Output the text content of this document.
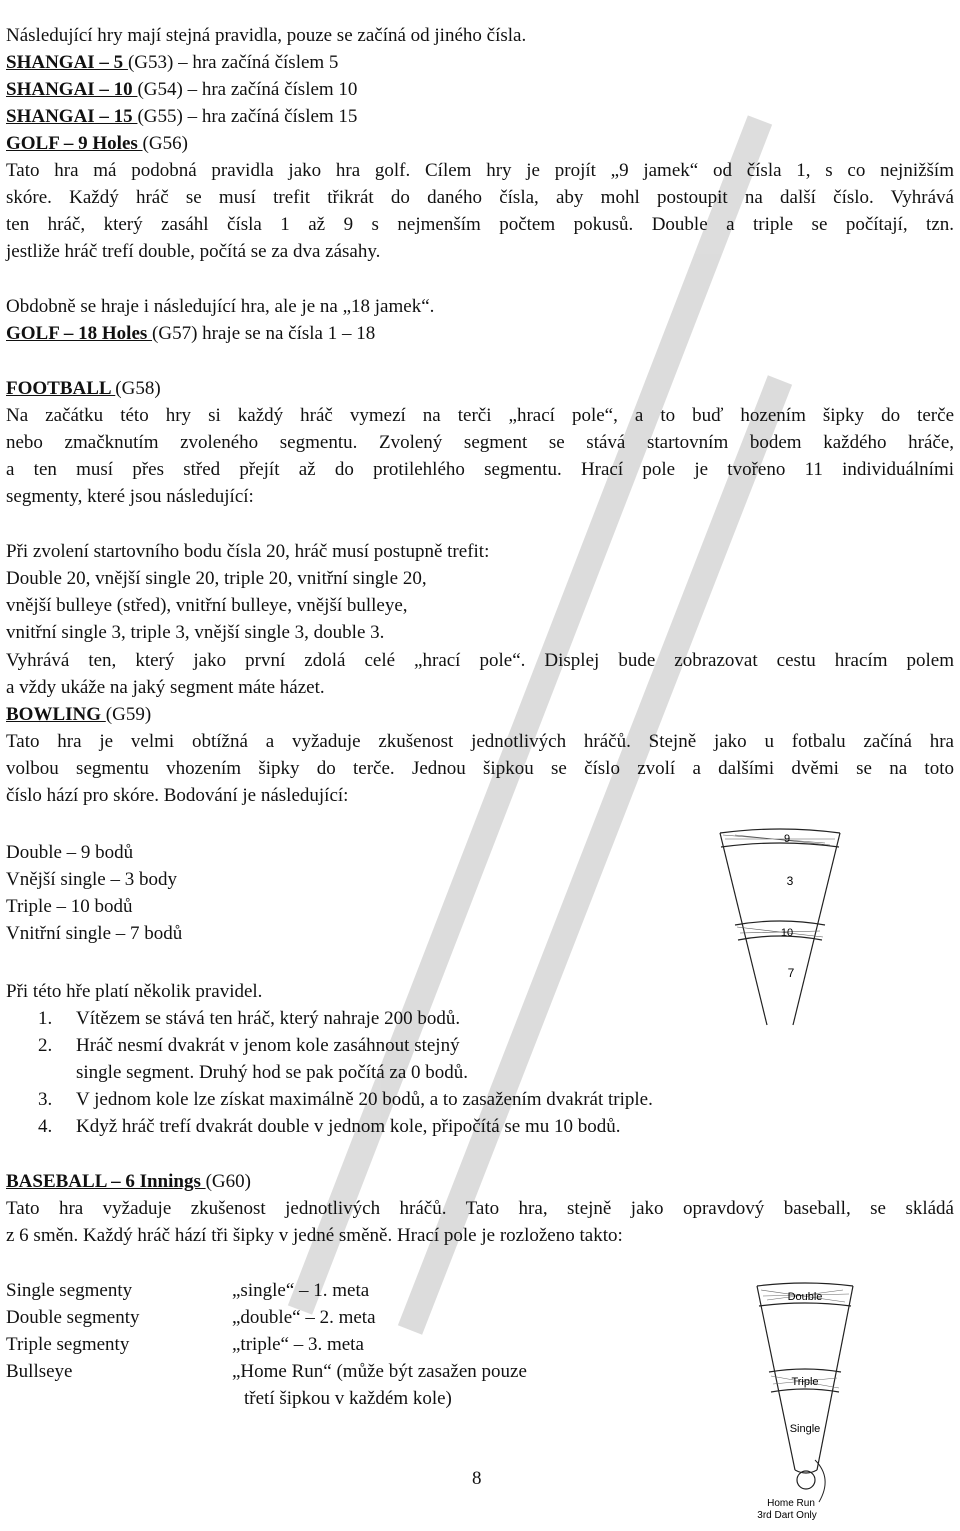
Následující hry mají stejná pravidla, pouze se začíná od jiného čísla.
SHANGAI – 5 (G53) – hra začíná číslem 5
SHANGAI – 10 (G54) – hra začíná číslem 10
SHANGAI – 15 (G55) – hra začíná číslem 15
GOLF – 9 Holes (G56)
Tato hra má podobná pravidla jako hra golf. Cílem hry je projít „9 jamek“ od čísla 1, s co nejnižším
skóre. Každý hráč se musí trefit třikrát do daného čísla, aby mohl postoupit na další číslo. Vyhrává
ten hráč, který zasáhl čísla 1 až 9 s nejmenším počtem pokusů. Double a triple se počítají, tzn.
jestliže hráč trefí double, počítá se za dva zásahy.
Obdobně se hraje i následující hra, ale je na „18 jamek“.
GOLF – 18 Holes (G57) hraje se na čísla 1 – 18
FOOTBALL (G58)
Na začátku této hry si každý hráč vymezí na terči „hrací pole“, a to buď hozením šipky do terče
nebo zmačknutím zvoleného segmentu. Zvolený segment se stává startovním bodem každého hráče,
a ten musí přes střed přejít až do protilehlého segmentu. Hrací pole je tvořeno 11 individuálními
segmenty, které jsou následující:
Při zvolení startovního bodu čísla 20, hráč musí postupně trefit:
Double 20, vnější single 20, triple 20, vnitřní single 20,
vnější bulleye (střed), vnitřní bulleye, vnější bulleye,
vnitřní single 3, triple 3, vnější single 3, double 3.
Vyhrává ten, který jako první zdolá celé „hrací pole“. Displej bude zobrazovat cestu hracím polem
a vždy ukáže na jaký segment máte házet.
BOWLING (G59)
Tato hra je velmi obtížná a vyžaduje zkušenost jednotlivých hráčů. Stejně jako u fotbalu začíná hra
volbou segmentu vhozením šipky do terče. Jednou šipkou se číslo zvolí a dalšími dvěmi se na toto
číslo hází pro skóre. Bodování je následující:
Double – 9 bodů
Vnější single – 3 body
Triple – 10 bodů
Vnitřní single – 7 bodů
9
3
10
7
Při této hře platí několik pravidel.
1. Vítězem se stává ten hráč, který nahraje 200 bodů.
2. Hráč nesmí dvakrát v jenom kole zasáhnout stejný
single segment. Druhý hod se pak počítá za 0 bodů.
3. V jednom kole lze získat maximálně 20 bodů, a to zasažením dvakrát triple.
4. Když hráč trefí dvakrát double v jednom kole, připočítá se mu 10 bodů.
BASEBALL – 6 Innings (G60)
Tato hra vyžaduje zkušenost jednotlivých hráčů. Tato hra, stejně jako opravdový baseball, se skládá
z 6 směn. Každý hráč hází tři šipky v jedné směně. Hrací pole je rozloženo takto:
Single segmenty	„single“ – 1. meta
Double segmenty	„double“ – 2. meta
Triple segmenty	„triple“ – 3. meta
Bullseye	„Home Run“ (může být zasažen pouze
třetí šipkou v každém kole)
Double
Triple
Single
Home Run
3rd Dart Only
8
